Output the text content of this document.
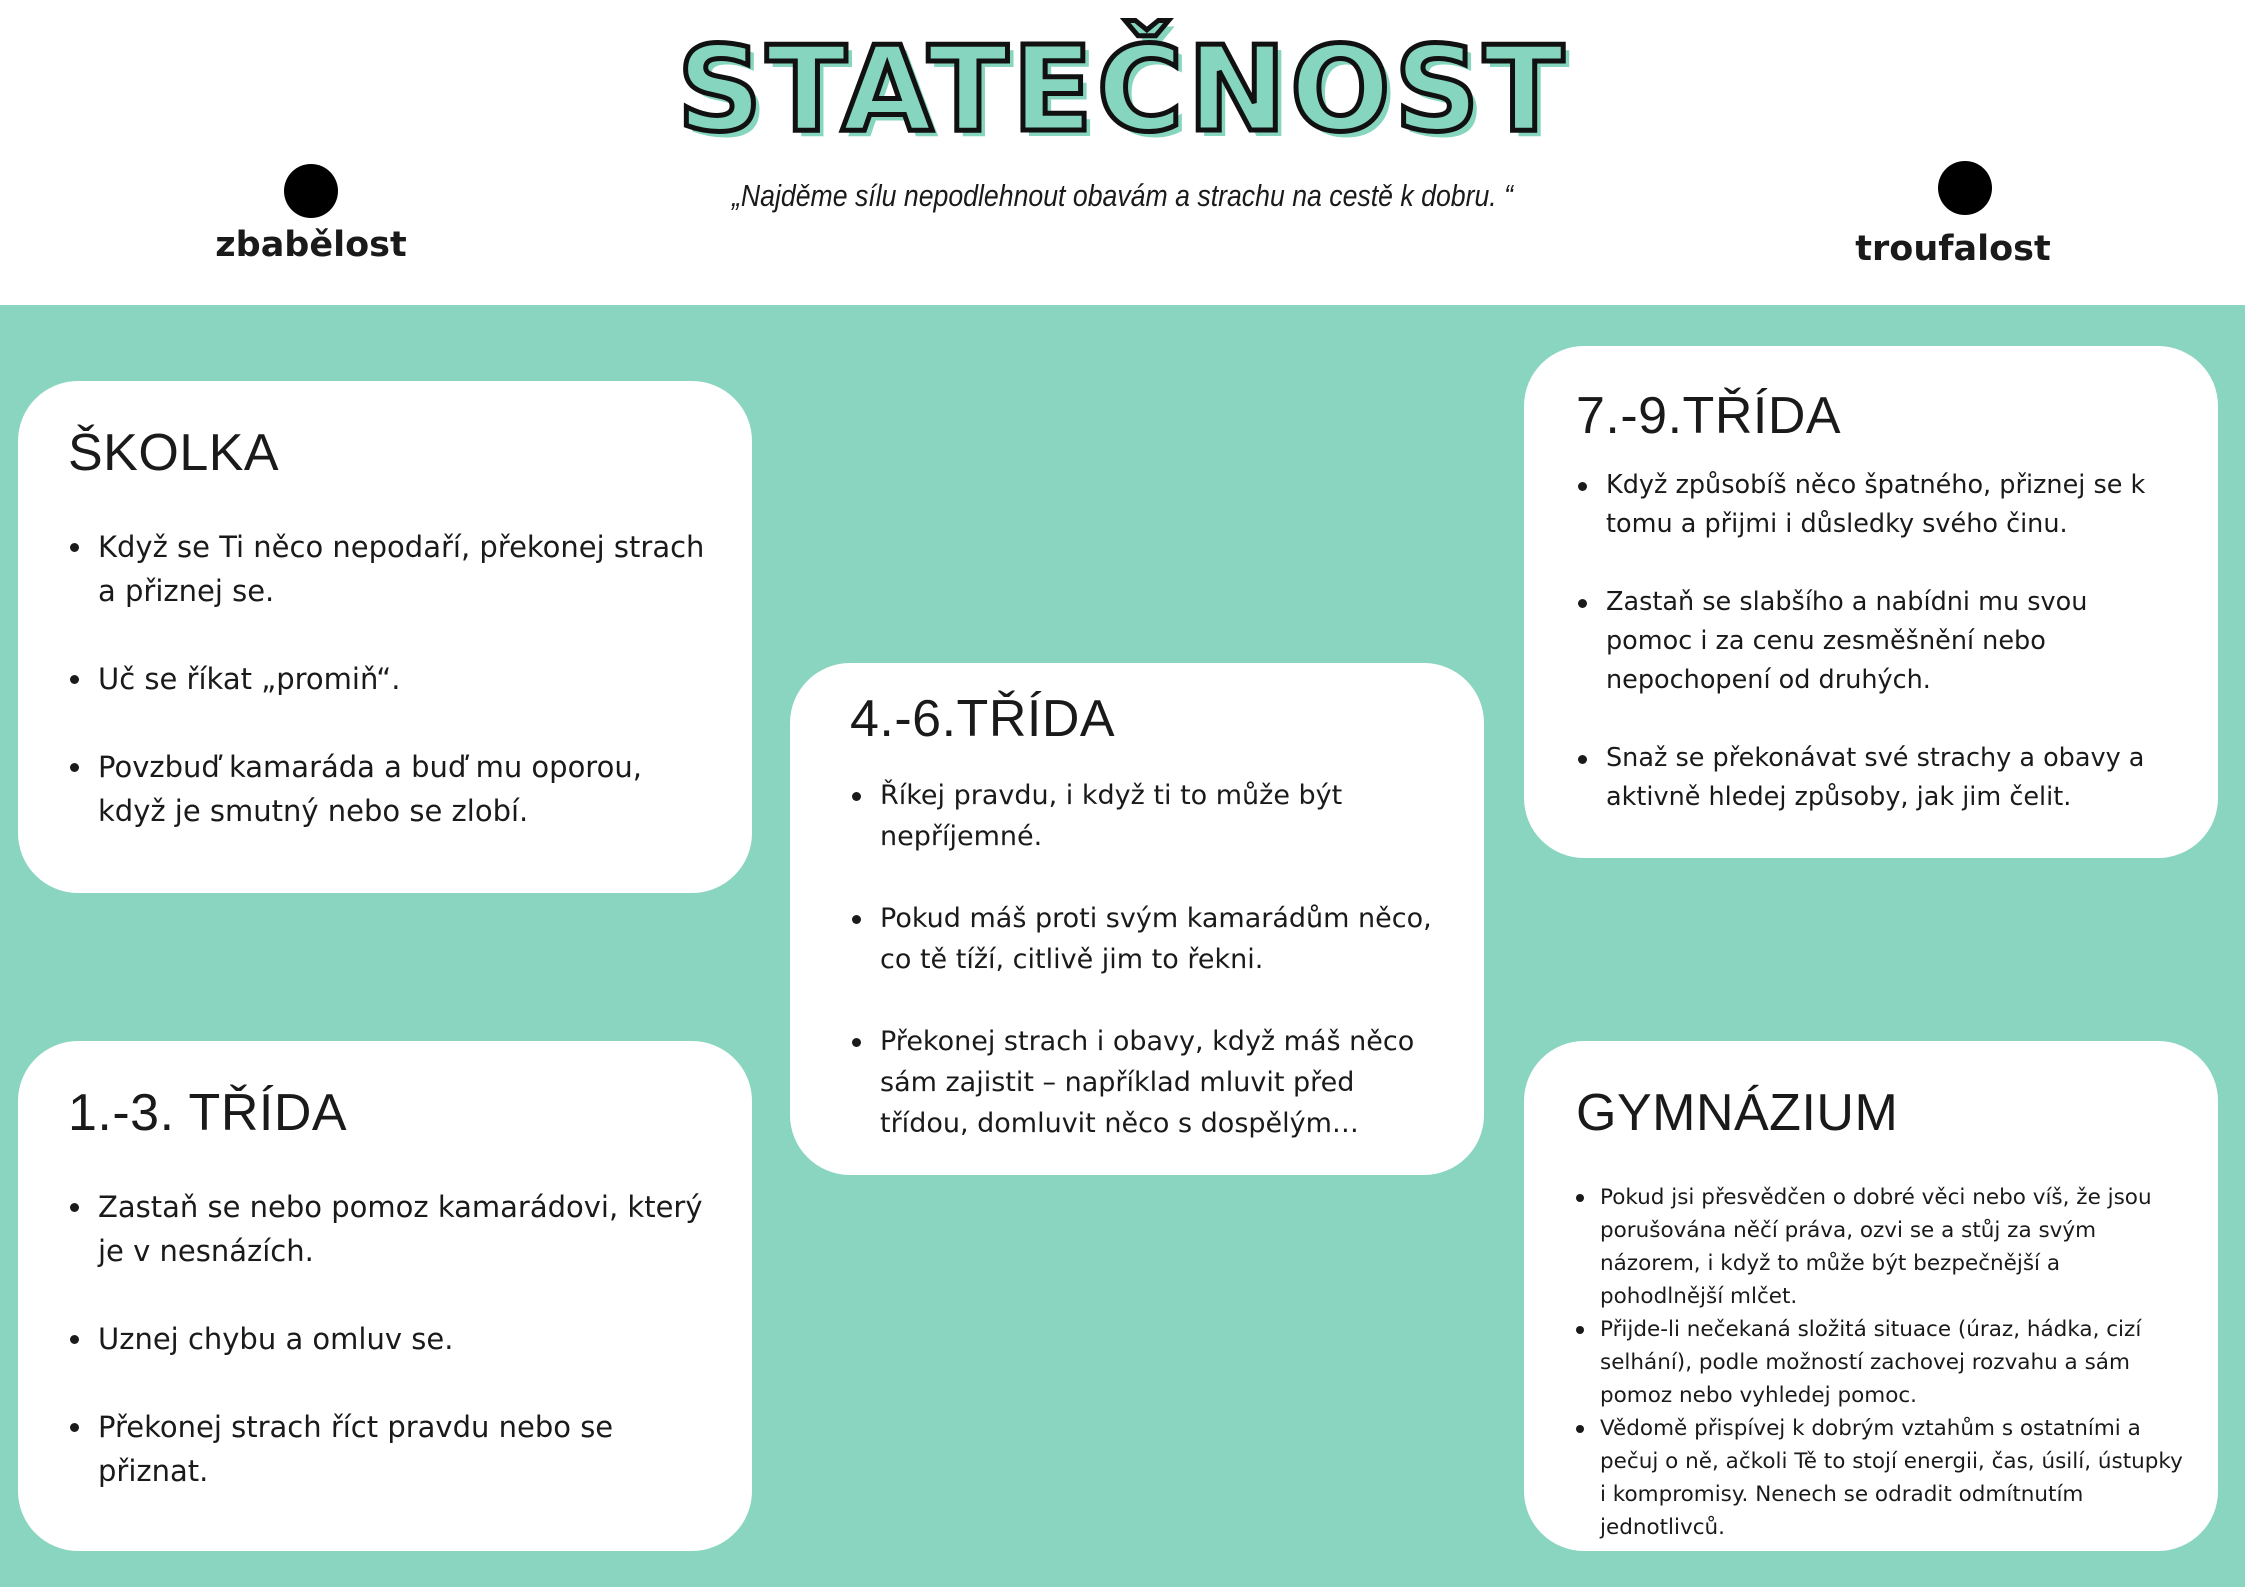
STATEČNOST
zbabělost	troufalost
„Najděme sílu nepodlehnout obavám a strachu na cestě k dobru. “
ŠKOLKA
Když se Ti něco nepodaří, překonej strach a přiznej se.
Uč se říkat „promiň“.
Povzbuď kamaráda a buď mu oporou, když je smutný nebo se zlobí.
1.-3. TŘÍDA
Zastaň se nebo pomoz kamarádovi, který je v nesnázích.
Uznej chybu a omluv se.
Překonej strach říct pravdu nebo se přiznat.
4.-6.TŘÍDA
Říkej pravdu, i když ti to může být nepříjemné.
Pokud máš proti svým kamarádům něco, co tě tíží, citlivě jim to řekni.
Překonej strach i obavy, když máš něco sám zajistit – například mluvit před třídou, domluvit něco s dospělým…
7.-9.TŘÍDA
Když způsobíš něco špatného, přiznej se k tomu a přijmi i důsledky svého činu.
Zastaň se slabšího a nabídni mu svou pomoc i za cenu zesměšnění nebo nepochopení od druhých.
Snaž se překonávat své strachy a obavy a aktivně hledej způsoby, jak jim čelit.
GYMNÁZIUM
Pokud jsi přesvědčen o dobré věci nebo víš, že jsou porušována něčí práva, ozvi se a stůj za svým názorem, i když to může být bezpečnější a pohodlnější mlčet.
Přijde-li nečekaná složitá situace (úraz, hádka, cizí selhání), podle možností zachovej rozvahu a sám pomoz nebo vyhledej pomoc.
Vědomě přispívej k dobrým vztahům s ostatními a pečuj o ně, ačkoli Tě to stojí energii, čas, úsilí, ústupky i kompromisy. Nenech se odradit odmítnutím jednotlivců.
